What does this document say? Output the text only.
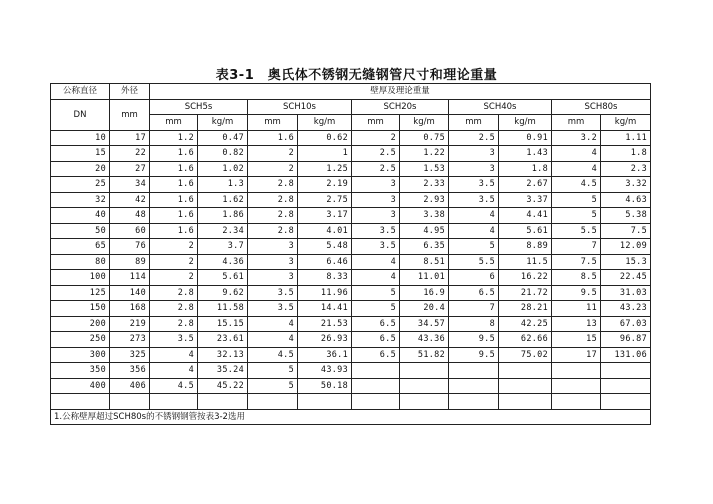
表3-1　奥氏体不锈钢无缝钢管尺寸和理论重量
公称直径	外径	壁厚及理论重量									
DN	mm	SCH5s		SCH10s		SCH20s		SCH40s		SCH80s	
		mm	kg/m	mm	kg/m	mm	kg/m	mm	kg/m	mm	kg/m
10	17	1.2	0.47	1.6	0.62	2	0.75	2.5	0.91	3.2	1.11
15	22	1.6	0.82	2	1	2.5	1.22	3	1.43	4	1.8
20	27	1.6	1.02	2	1.25	2.5	1.53	3	1.8	4	2.3
25	34	1.6	1.3	2.8	2.19	3	2.33	3.5	2.67	4.5	3.32
32	42	1.6	1.62	2.8	2.75	3	2.93	3.5	3.37	5	4.63
40	48	1.6	1.86	2.8	3.17	3	3.38	4	4.41	5	5.38
50	60	1.6	2.34	2.8	4.01	3.5	4.95	4	5.61	5.5	7.5
65	76	2	3.7	3	5.48	3.5	6.35	5	8.89	7	12.09
80	89	2	4.36	3	6.46	4	8.51	5.5	11.5	7.5	15.3
100	114	2	5.61	3	8.33	4	11.01	6	16.22	8.5	22.45
125	140	2.8	9.62	3.5	11.96	5	16.9	6.5	21.72	9.5	31.03
150	168	2.8	11.58	3.5	14.41	5	20.4	7	28.21	11	43.23
200	219	2.8	15.15	4	21.53	6.5	34.57	8	42.25	13	67.03
250	273	3.5	23.61	4	26.93	6.5	43.36	9.5	62.66	15	96.87
300	325	4	32.13	4.5	36.1	6.5	51.82	9.5	75.02	17	131.06
350	356	4	35.24	5	43.93						
400	406	4.5	45.22	5	50.18						

1.公称壁厚超过SCH80s的不锈钢钢管按表3-2选用											
